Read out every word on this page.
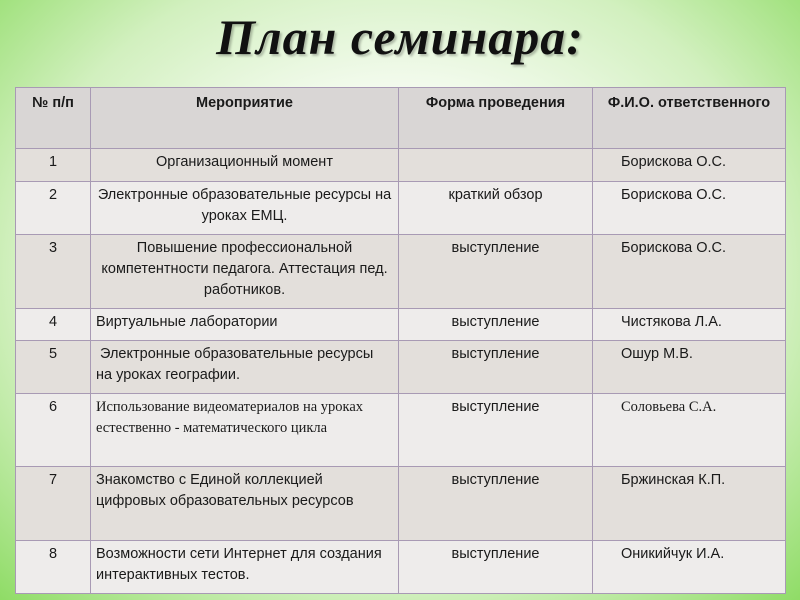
План семинара:
№ п/п	Мероприятие	Форма проведения	Ф.И.О. ответственного
1	Организационный момент		Борискова О.С.
2	Электронные образовательные ресурсы на уроках ЕМЦ.	краткий обзор	Борискова О.С.
3	Повышение профессиональной компетентности педагога. Аттестация пед. работников.	выступление	Борискова О.С.
4	Виртуальные лаборатории	выступление	Чистякова Л.А.
5	Электронные образовательные ресурсы на уроках географии.	выступление	Ошур М.В.
6	Использование видеоматериалов на уроках естественно - математического цикла	выступление	Соловьева С.А.
7	Знакомство с Единой коллекцией цифровых образовательных ресурсов	выступление	Бржинская К.П.
8	Возможности сети Интернет для создания интерактивных тестов.	выступление	Оникийчук И.А.
